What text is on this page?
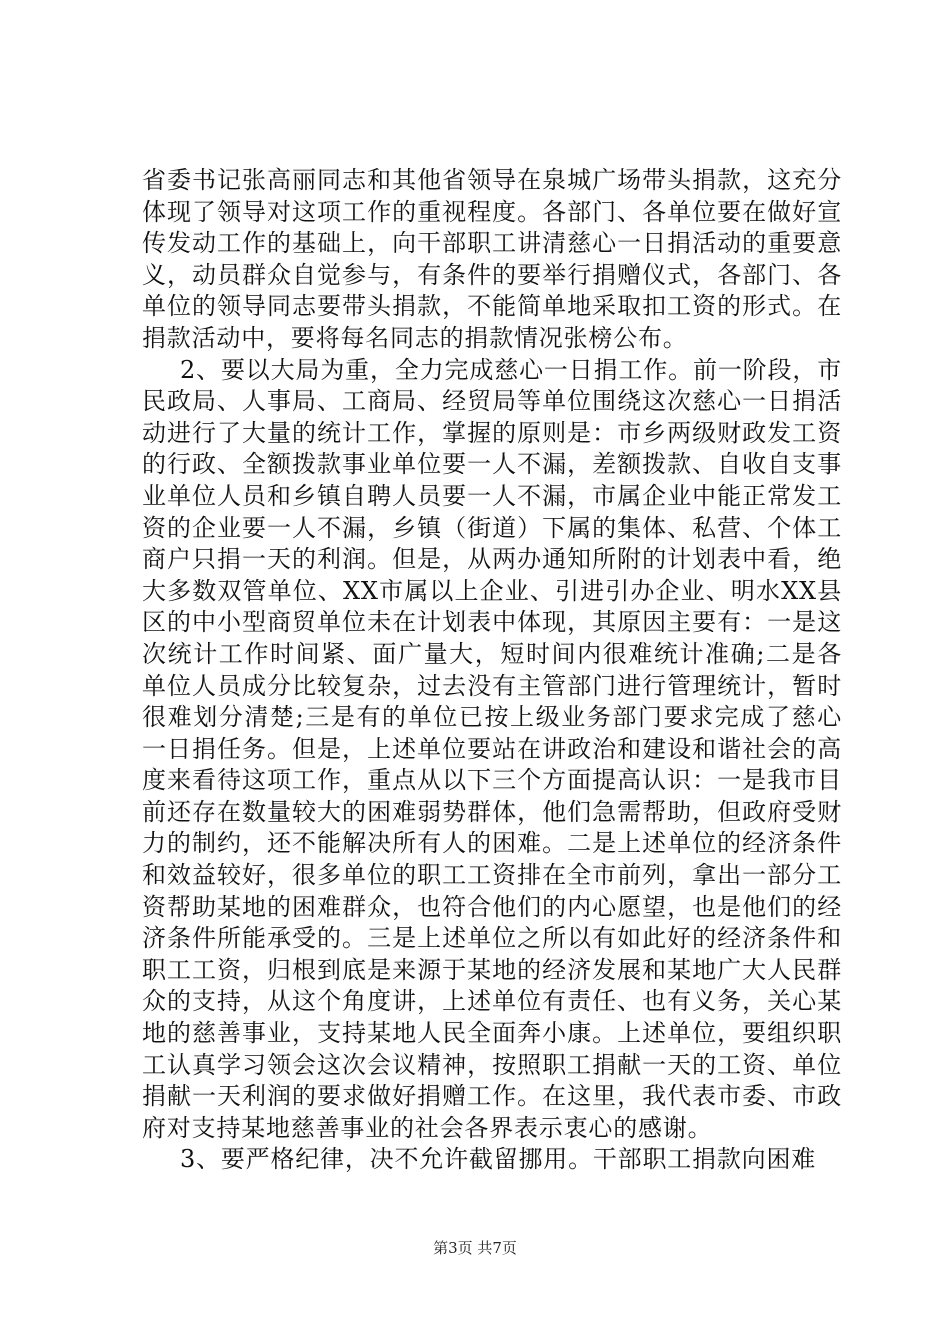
省委书记张高丽同志和其他省领导在泉城广场带头捐款，这充分体现了领导对这项工作的重视程度。各部门、各单位要在做好宣传发动工作的基础上，向干部职工讲清慈心一日捐活动的重要意义，动员群众自觉参与，有条件的要举行捐赠仪式，各部门、各单位的领导同志要带头捐款，不能简单地采取扣工资的形式。在捐款活动中，要将每名同志的捐款情况张榜公布。

2、要以大局为重，全力完成慈心一日捐工作。前一阶段，市民政局、人事局、工商局、经贸局等单位围绕这次慈心一日捐活动进行了大量的统计工作，掌握的原则是：市乡两级财政发工资的行政、全额拨款事业单位要一人不漏，差额拨款、自收自支事业单位人员和乡镇自聘人员要一人不漏，市属企业中能正常发工资的企业要一人不漏，乡镇（街道）下属的集体、私营、个体工商户只捐一天的利润。但是，从两办通知所附的计划表中看，绝大多数双管单位、XX市属以上企业、引进引办企业、明水XX县区的中小型商贸单位未在计划表中体现，其原因主要有：一是这次统计工作时间紧、面广量大，短时间内很难统计准确;二是各单位人员成分比较复杂，过去没有主管部门进行管理统计，暂时很难划分清楚;三是有的单位已按上级业务部门要求完成了慈心一日捐任务。但是，上述单位要站在讲政治和建设和谐社会的高度来看待这项工作，重点从以下三个方面提高认识：一是我市目前还存在数量较大的困难弱势群体，他们急需帮助，但政府受财力的制约，还不能解决所有人的困难。二是上述单位的经济条件和效益较好，很多单位的职工工资排在全市前列，拿出一部分工资帮助某地的困难群众，也符合他们的内心愿望，也是他们的经济条件所能承受的。三是上述单位之所以有如此好的经济条件和职工工资，归根到底是来源于某地的经济发展和某地广大人民群众的支持，从这个角度讲，上述单位有责任、也有义务，关心某地的慈善事业，支持某地人民全面奔小康。上述单位，要组织职工认真学习领会这次会议精神，按照职工捐献一天的工资、单位捐献一天利润的要求做好捐赠工作。在这里，我代表市委、市政府对支持某地慈善事业的社会各界表示衷心的感谢。

3、要严格纪律，决不允许截留挪用。干部职工捐款向困难

第3页 共7页
